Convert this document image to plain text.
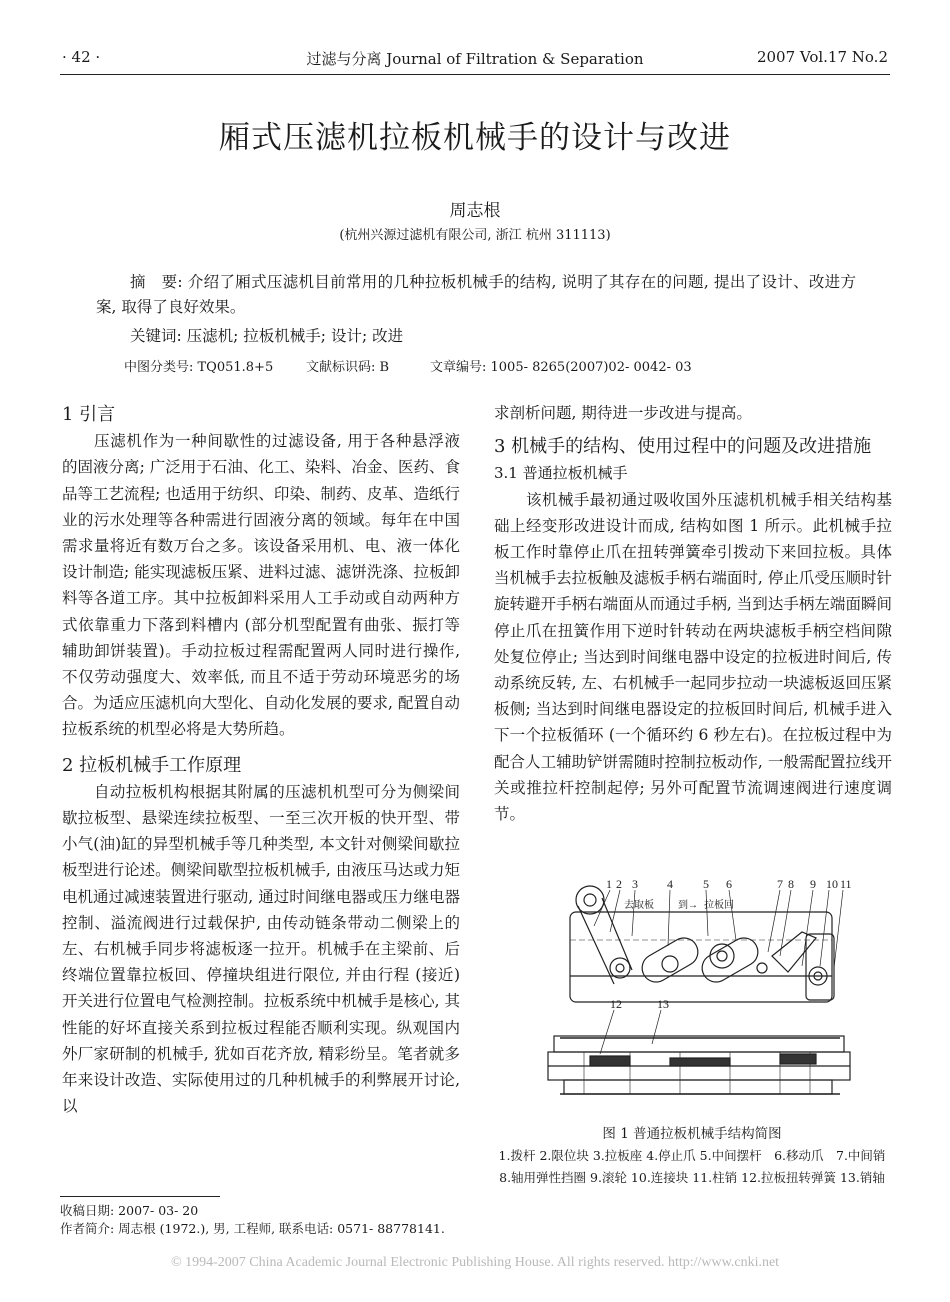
· 42 ·	过滤与分离 Journal of Filtration & Separation	2007 Vol.17 No.2
厢式压滤机拉板机械手的设计与改进
周志根
(杭州兴源过滤机有限公司, 浙江 杭州 311113)

摘　要: 介绍了厢式压滤机目前常用的几种拉板机械手的结构, 说明了其存在的问题, 提出了设计、改进方案, 取得了良好效果。

关键词: 压滤机; 拉板机械手; 设计; 改进
中图分类号: TQ051.8+5	文献标识码: B	文章编号: 1005- 8265(2007)02- 0042- 03

1 引言

压滤机作为一种间歇性的过滤设备, 用于各种悬浮液的固液分离; 广泛用于石油、化工、染料、冶金、医药、食品等工艺流程; 也适用于纺织、印染、制药、皮革、造纸行业的污水处理等各种需进行固液分离的领域。每年在中国需求量将近有数万台之多。该设备采用机、电、液一体化设计制造; 能实现滤板压紧、进料过滤、滤饼洗涤、拉板卸料等各道工序。其中拉板卸料采用人工手动或自动两种方式依靠重力下落到料槽内 (部分机型配置有曲张、振打等辅助卸饼装置)。手动拉板过程需配置两人同时进行操作, 不仅劳动强度大、效率低, 而且不适于劳动环境恶劣的场合。为适应压滤机向大型化、自动化发展的要求, 配置自动拉板系统的机型必将是大势所趋。

2 拉板机械手工作原理

自动拉板机构根据其附属的压滤机机型可分为侧梁间歇拉板型、悬梁连续拉板型、一至三次开板的快开型、带小气(油)缸的异型机械手等几种类型, 本文针对侧梁间歇拉板型进行论述。侧梁间歇型拉板机械手, 由液压马达或力矩电机通过减速装置进行驱动, 通过时间继电器或压力继电器控制、溢流阀进行过载保护, 由传动链条带动二侧梁上的左、右机械手同步将滤板逐一拉开。机械手在主梁前、后终端位置靠拉板回、停撞块组进行限位, 并由行程 (接近) 开关进行位置电气检测控制。拉板系统中机械手是核心, 其性能的好坏直接关系到拉板过程能否顺利实现。纵观国内外厂家研制的机械手, 犹如百花齐放, 精彩纷呈。笔者就多年来设计改造、实际使用过的几种机械手的利弊展开讨论, 以

求剖析问题, 期待进一步改进与提高。

3 机械手的结构、使用过程中的问题及改进措施

3.1 普通拉板机械手

该机械手最初通过吸收国外压滤机机械手相关结构基础上经变形改进设计而成, 结构如图 1 所示。此机械手拉板工作时靠停止爪在扭转弹簧牵引拨动下来回拉板。具体当机械手去拉板触及滤板手柄右端面时, 停止爪受压顺时针旋转避开手柄右端面从而通过手柄, 当到达手柄左端面瞬间停止爪在扭簧作用下逆时针转动在两块滤板手柄空档间隙处复位停止; 当达到时间继电器中设定的拉板进时间后, 传动系统反转, 左、右机械手一起同步拉动一块滤板返回压紧板侧; 当达到时间继电器设定的拉板回时间后, 机械手进入下一个拉板循环 (一个循环约 6 秒左右)。在拉板过程中为配合人工辅助铲饼需随时控制拉板动作, 一般需配置拉线开关或推拉杆控制起停; 另外可配置节流调速阀进行速度调节。

1 2 3 4	5 6	7 8 9 10 11
12	13
去取板 到→ 拉板回
图 1 普通拉板机械手结构简图
1.拨杆 2.限位块 3.拉板座 4.停止爪 5.中间摆杆　6.移动爪　7.中间销
8.轴用弹性挡圈 9.滚轮 10.连接块 11.柱销 12.拉板扭转弹簧 13.销轴
收稿日期: 2007- 03- 20
作者简介: 周志根 (1972.), 男, 工程师, 联系电话: 0571- 88778141.
© 1994-2007 China Academic Journal Electronic Publishing House. All rights reserved. http://www.cnki.net
